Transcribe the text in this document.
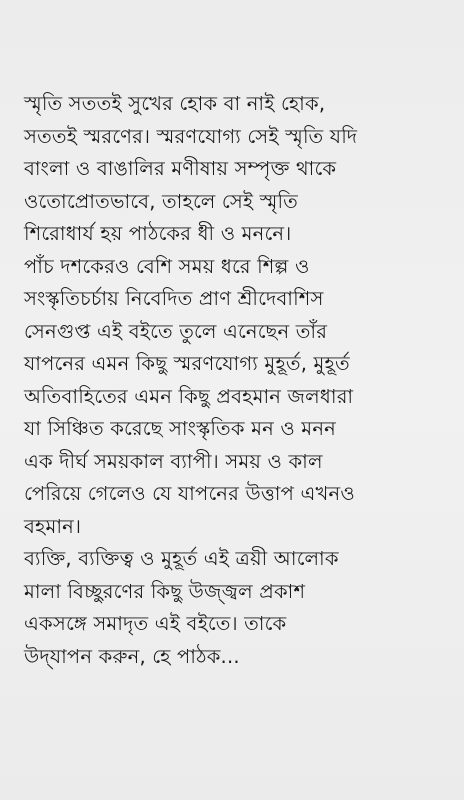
স্মৃতি সততই সুখের হোক বা নাই হোক,
সততই স্মরণের। স্মরণযোগ্য সেই স্মৃতি যদি
বাংলা ও বাঙালির মণীষায় সম্পৃক্ত থাকে
ওতোপ্রোতভাবে, তাহলে সেই স্মৃতি
শিরোধার্য হয় পাঠকের ধী ও মননে।
পাঁচ দশকেরও বেশি সময় ধরে শিল্প ও
সংস্কৃতিচর্চায় নিবেদিত প্রাণ শ্রীদেবাশিস
সেনগুপ্ত এই বইতে তুলে এনেছেন তাঁর
যাপনের এমন কিছু স্মরণযোগ্য মুহূর্ত, মুহূর্ত
অতিবাহিতের এমন কিছু প্রবহমান জলধারা
যা সিঞ্চিত করেছে সাংস্কৃতিক মন ও মনন
এক দীর্ঘ সময়কাল ব্যাপী। সময় ও কাল
পেরিয়ে গেলেও যে যাপনের উত্তাপ এখনও
বহমান।
ব্যক্তি, ব্যক্তিত্ব ও মুহূর্ত এই ত্রয়ী আলোক
মালা বিচ্ছুরণের কিছু উজ্জ্বল প্রকাশ
একসঙ্গে সমাদৃত এই বইতে। তাকে
উদ্‌যাপন করুন, হে পাঠক...
